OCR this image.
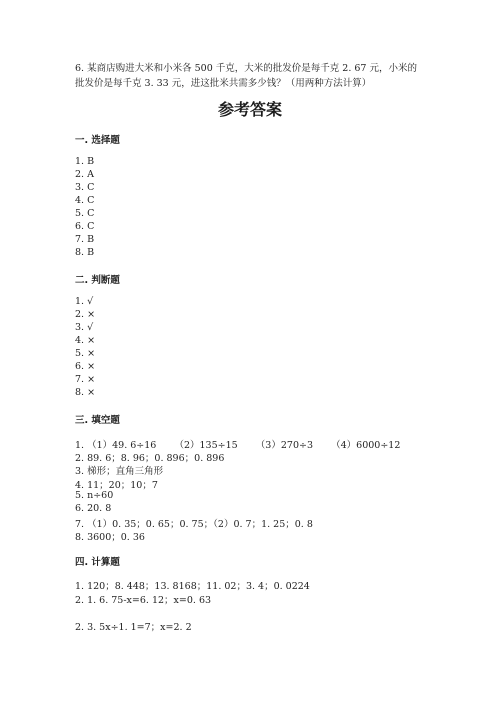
6. 某商店购进大米和小米各 500 千克，大米的批发价是每千克 2. 67 元，小米的
批发价是每千克 3. 33 元，进这批米共需多少钱？（用两种方法计算）
参考答案
一. 选择题
1. B
2. A
3. C
4. C
5. C
6. C
7. B
8. B
二. 判断题
1. √
2. ×
3. √
4. ×
5. ×
6. ×
7. ×
8. ×
三. 填空题
1. （1）49. 6÷16      （2）135÷15      （3）270÷3      （4）6000÷12
2. 89. 6；8. 96；0. 896；0. 896
3. 梯形；直角三角形
4. 11；20；10；7
5. n÷60
6. 20. 8
7. （1）0. 35；0. 65；0. 75；（2）0. 7；1. 25；0. 8
8. 3600；0. 36
四. 计算题
1. 120；8. 448；13. 8168；11. 02；3. 4；0. 0224
2. 1. 6. 75-x=6. 12；x=0. 63
2. 3. 5x÷1. 1=7；x=2. 2
